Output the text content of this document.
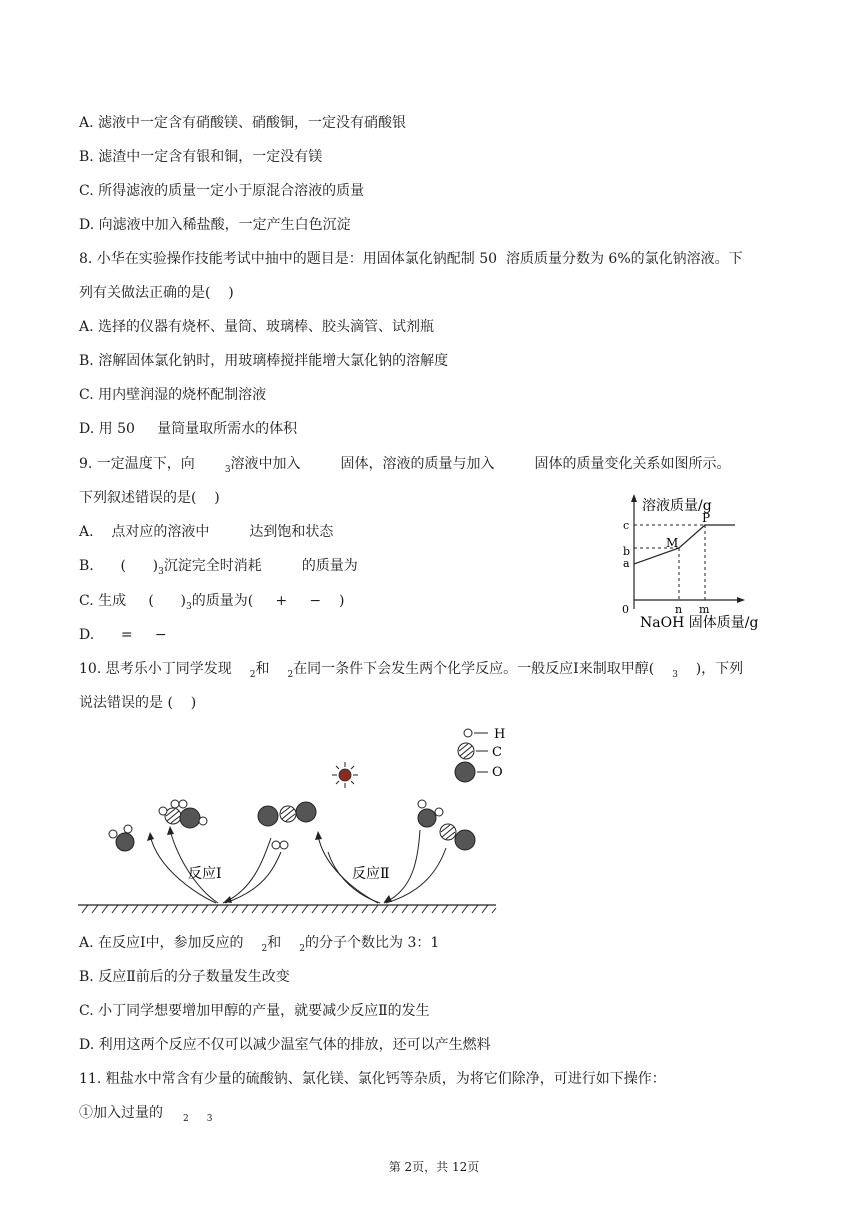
A. 滤液中一定含有硝酸镁、硝酸铜，一定没有硝酸银
B. 滤渣中一定含有银和铜，一定没有镁
C. 所得滤液的质量一定小于原混合溶液的质量
D. 向滤液中加入稀盐酸，一定产生白色沉淀
8. 小华在实验操作技能考试中抽中的题目是：用固体氯化钠配制 50  溶质质量分数为 6%的氯化钠溶液。下
列有关做法正确的是(    )
A. 选择的仪器有烧杯、量筒、玻璃棒、胶头滴管、试剂瓶
B. 溶解固体氯化钠时，用玻璃棒搅拌能增大氯化钠的溶解度
C. 用内壁润湿的烧杯配制溶液
D. 用 50     量筒量取所需水的体积
9. 一定温度下，向	$_3$溶液中加入	固体，溶液的质量与加入	固体的质量变化关系如图所示。
下列叙述错误的是(    )
A.    点对应的溶液中	达到饱和状态
B.      (      )$_3$沉淀完全时消耗	的质量为
C. 生成     (      )$_3$的质量为(     +     −    )
D.      =     −
溶液质量/g
NaOH 固体质量/g
0
c
b
a
n m
M
P
10. 思考乐小丁同学发现 $_2$和 $_2$在同一条件下会发生两个化学反应。一般反应Ⅰ来制取甲醇( $_3$    )，下列
说法错误的是 (    )
H
C
O
反应Ⅰ	反应Ⅱ
A. 在反应Ⅰ中，参加反应的 $_2$和 $_2$的分子个数比为 3：1
B. 反应Ⅱ前后的分子数量发生改变
C. 小丁同学想要增加甲醇的产量，就要减少反应Ⅱ的发生
D. 利用这两个反应不仅可以减少温室气体的排放，还可以产生燃料
11. 粗盐水中常含有少量的硫酸钠、氯化镁、氯化钙等杂质，为将它们除净，可进行如下操作：
①加入过量的 $_2$ $_3$
第 2页，共 12页
